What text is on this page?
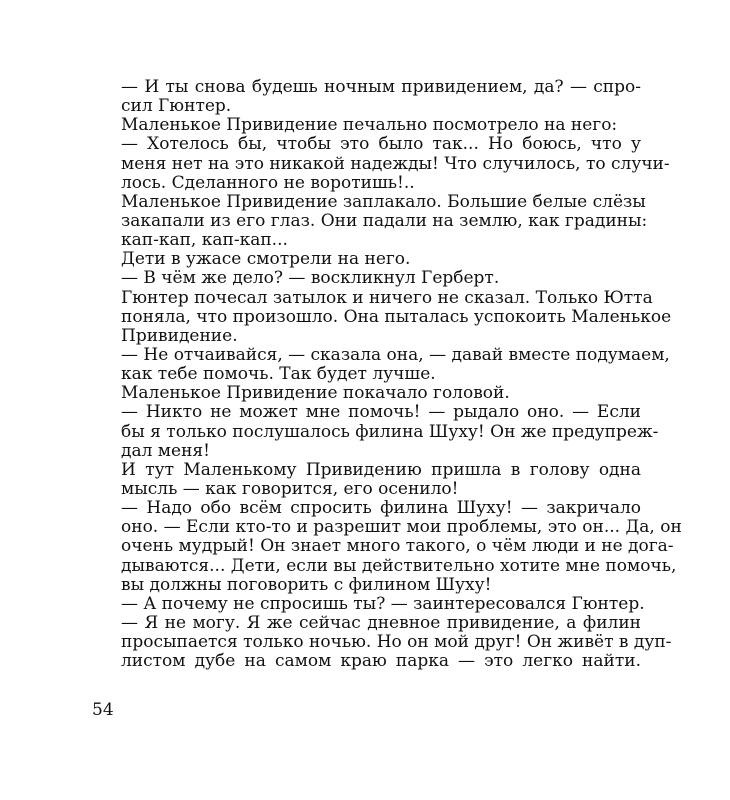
— И ты снова будешь ночным привидением, да? — спро-
сил Гюнтер.
Маленькое Привидение печально посмотрело на него:
— Хотелось бы, чтобы это было так... Но боюсь, что у
меня нет на это никакой надежды! Что случилось, то случи-
лось. Сделанного не воротишь!..
Маленькое Привидение заплакало. Большие белые слёзы
закапали из его глаз. Они падали на землю, как градины:
кап-кап, кап-кап...
Дети в ужасе смотрели на него.
— В чём же дело? — воскликнул Герберт.
Гюнтер почесал затылок и ничего не сказал. Только Ютта
поняла, что произошло. Она пыталась успокоить Маленькое
Привидение.
— Не отчаивайся, — сказала она, — давай вместе подумаем,
как тебе помочь. Так будет лучше.
Маленькое Привидение покачало головой.
— Никто не может мне помочь! — рыдало оно. — Если
бы я только послушалось филина Шуху! Он же предупреж-
дал меня!
И тут Маленькому Привидению пришла в голову одна
мысль — как говорится, его осенило!
— Надо обо всём спросить филина Шуху! — закричало
оно. — Если кто-то и разрешит мои проблемы, это он... Да, он
очень мудрый! Он знает много такого, о чём люди и не дога-
дываются... Дети, если вы действительно хотите мне помочь,
вы должны поговорить с филином Шуху!
— А почему не спросишь ты? — заинтересовался Гюнтер.
— Я не могу. Я же сейчас дневное привидение, а филин
просыпается только ночью. Но он мой друг! Он живёт в дуп-
листом дубе на самом краю парка — это легко найти.
54
